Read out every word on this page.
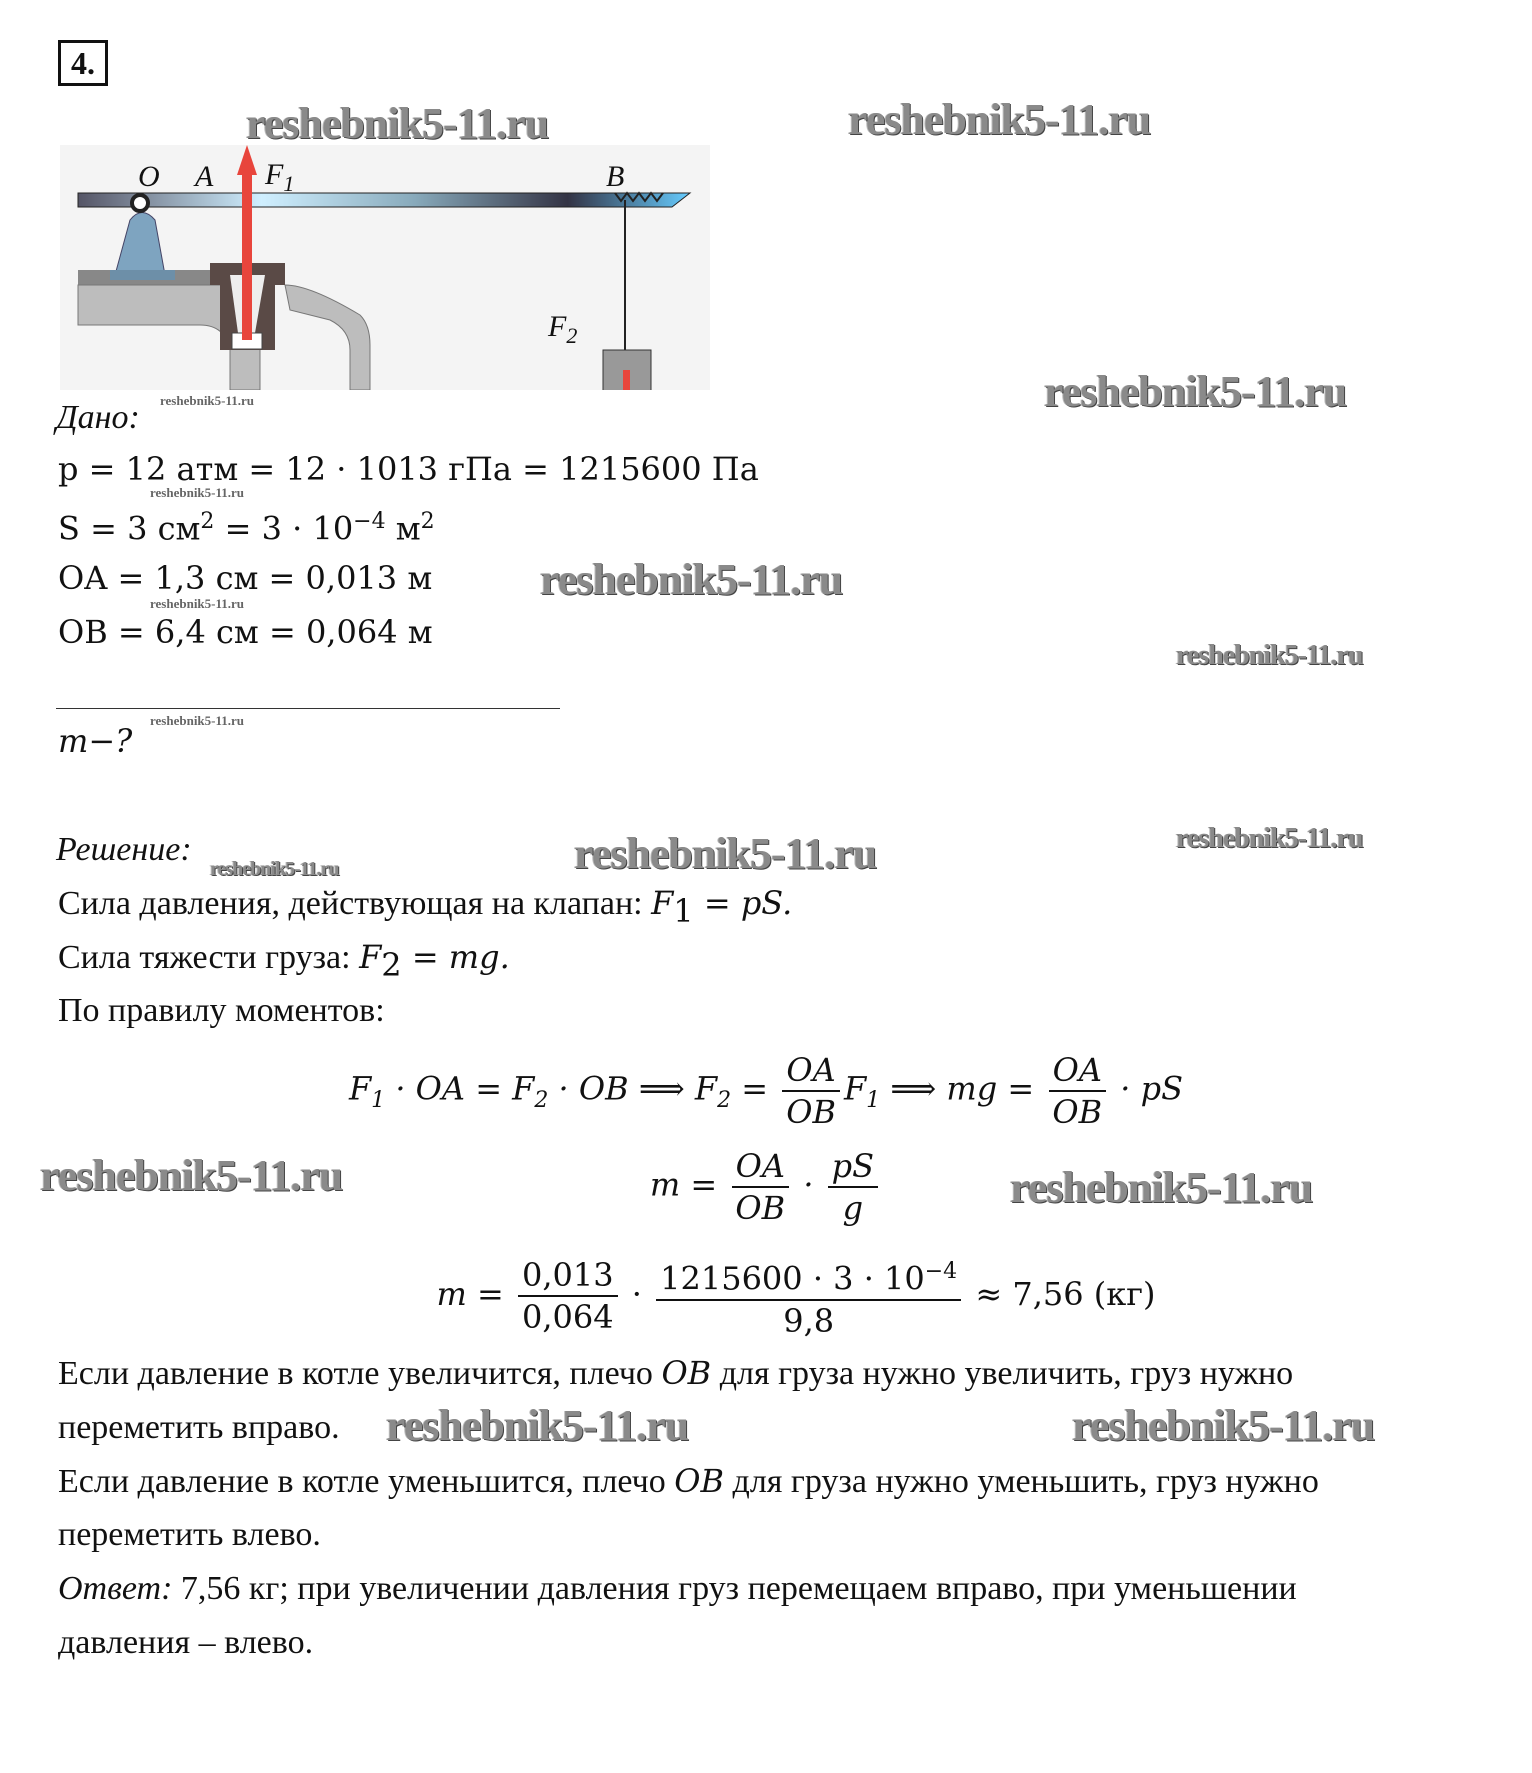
4.
O A $F_1$	B
$F_2$
Дано:
p = 12 атм = 12 · 1013 гПа = 1215600 Па
S = 3 $см^2 = 3 \cdot 10^{-4}$ $м^2$
OA = 1,3 см = 0,013 м
OB = 6,4 см = 0,064 м
m−?
Решение:
Сила давления, действующая на клапан: $F_1$ = pS.
Сила тяжести груза: $F_2$ = mg.
По правилу моментов:
$F_1$ · OA = $F_2$ · OB ⟹ $F_2 = \frac{OA}{OB} F_1$ ⟹ mg = $\frac{OA}{OB}$ · pS
$m = \frac{OA}{OB} \cdot \frac{pS}{g}$
$m = \frac{0,013}{0,064} \cdot \frac{1215600 \cdot 3 \cdot 10^{-4}}{9,8} \approx 7,56$ (кг)
Если давление в котле увеличится, плечо OB для груза нужно увеличить, груз нужно
переметить вправо.
Если давление в котле уменьшится, плечо OB для груза нужно уменьшить, груз нужно
переметить влево.
Ответ: 7,56 кг; при увеличении давления груз перемещаем вправо, при уменьшении
давления – влево.
reshebnik5-11.ru	reshebnik5-11.ru
reshebnik5-11.ru
reshebnik5-11.ru
reshebnik5-11.ru
reshebnik5-11.ru
reshebnik5-11.ru
reshebnik5-11.ru	reshebnik5-11.ru
reshebnik5-11.ru	reshebnik5-11.ru
reshebnik5-11.ru
reshebnik5-11.ru
reshebnik5-11.ru
reshebnik5-11.ru
reshebnik5-11.ru
